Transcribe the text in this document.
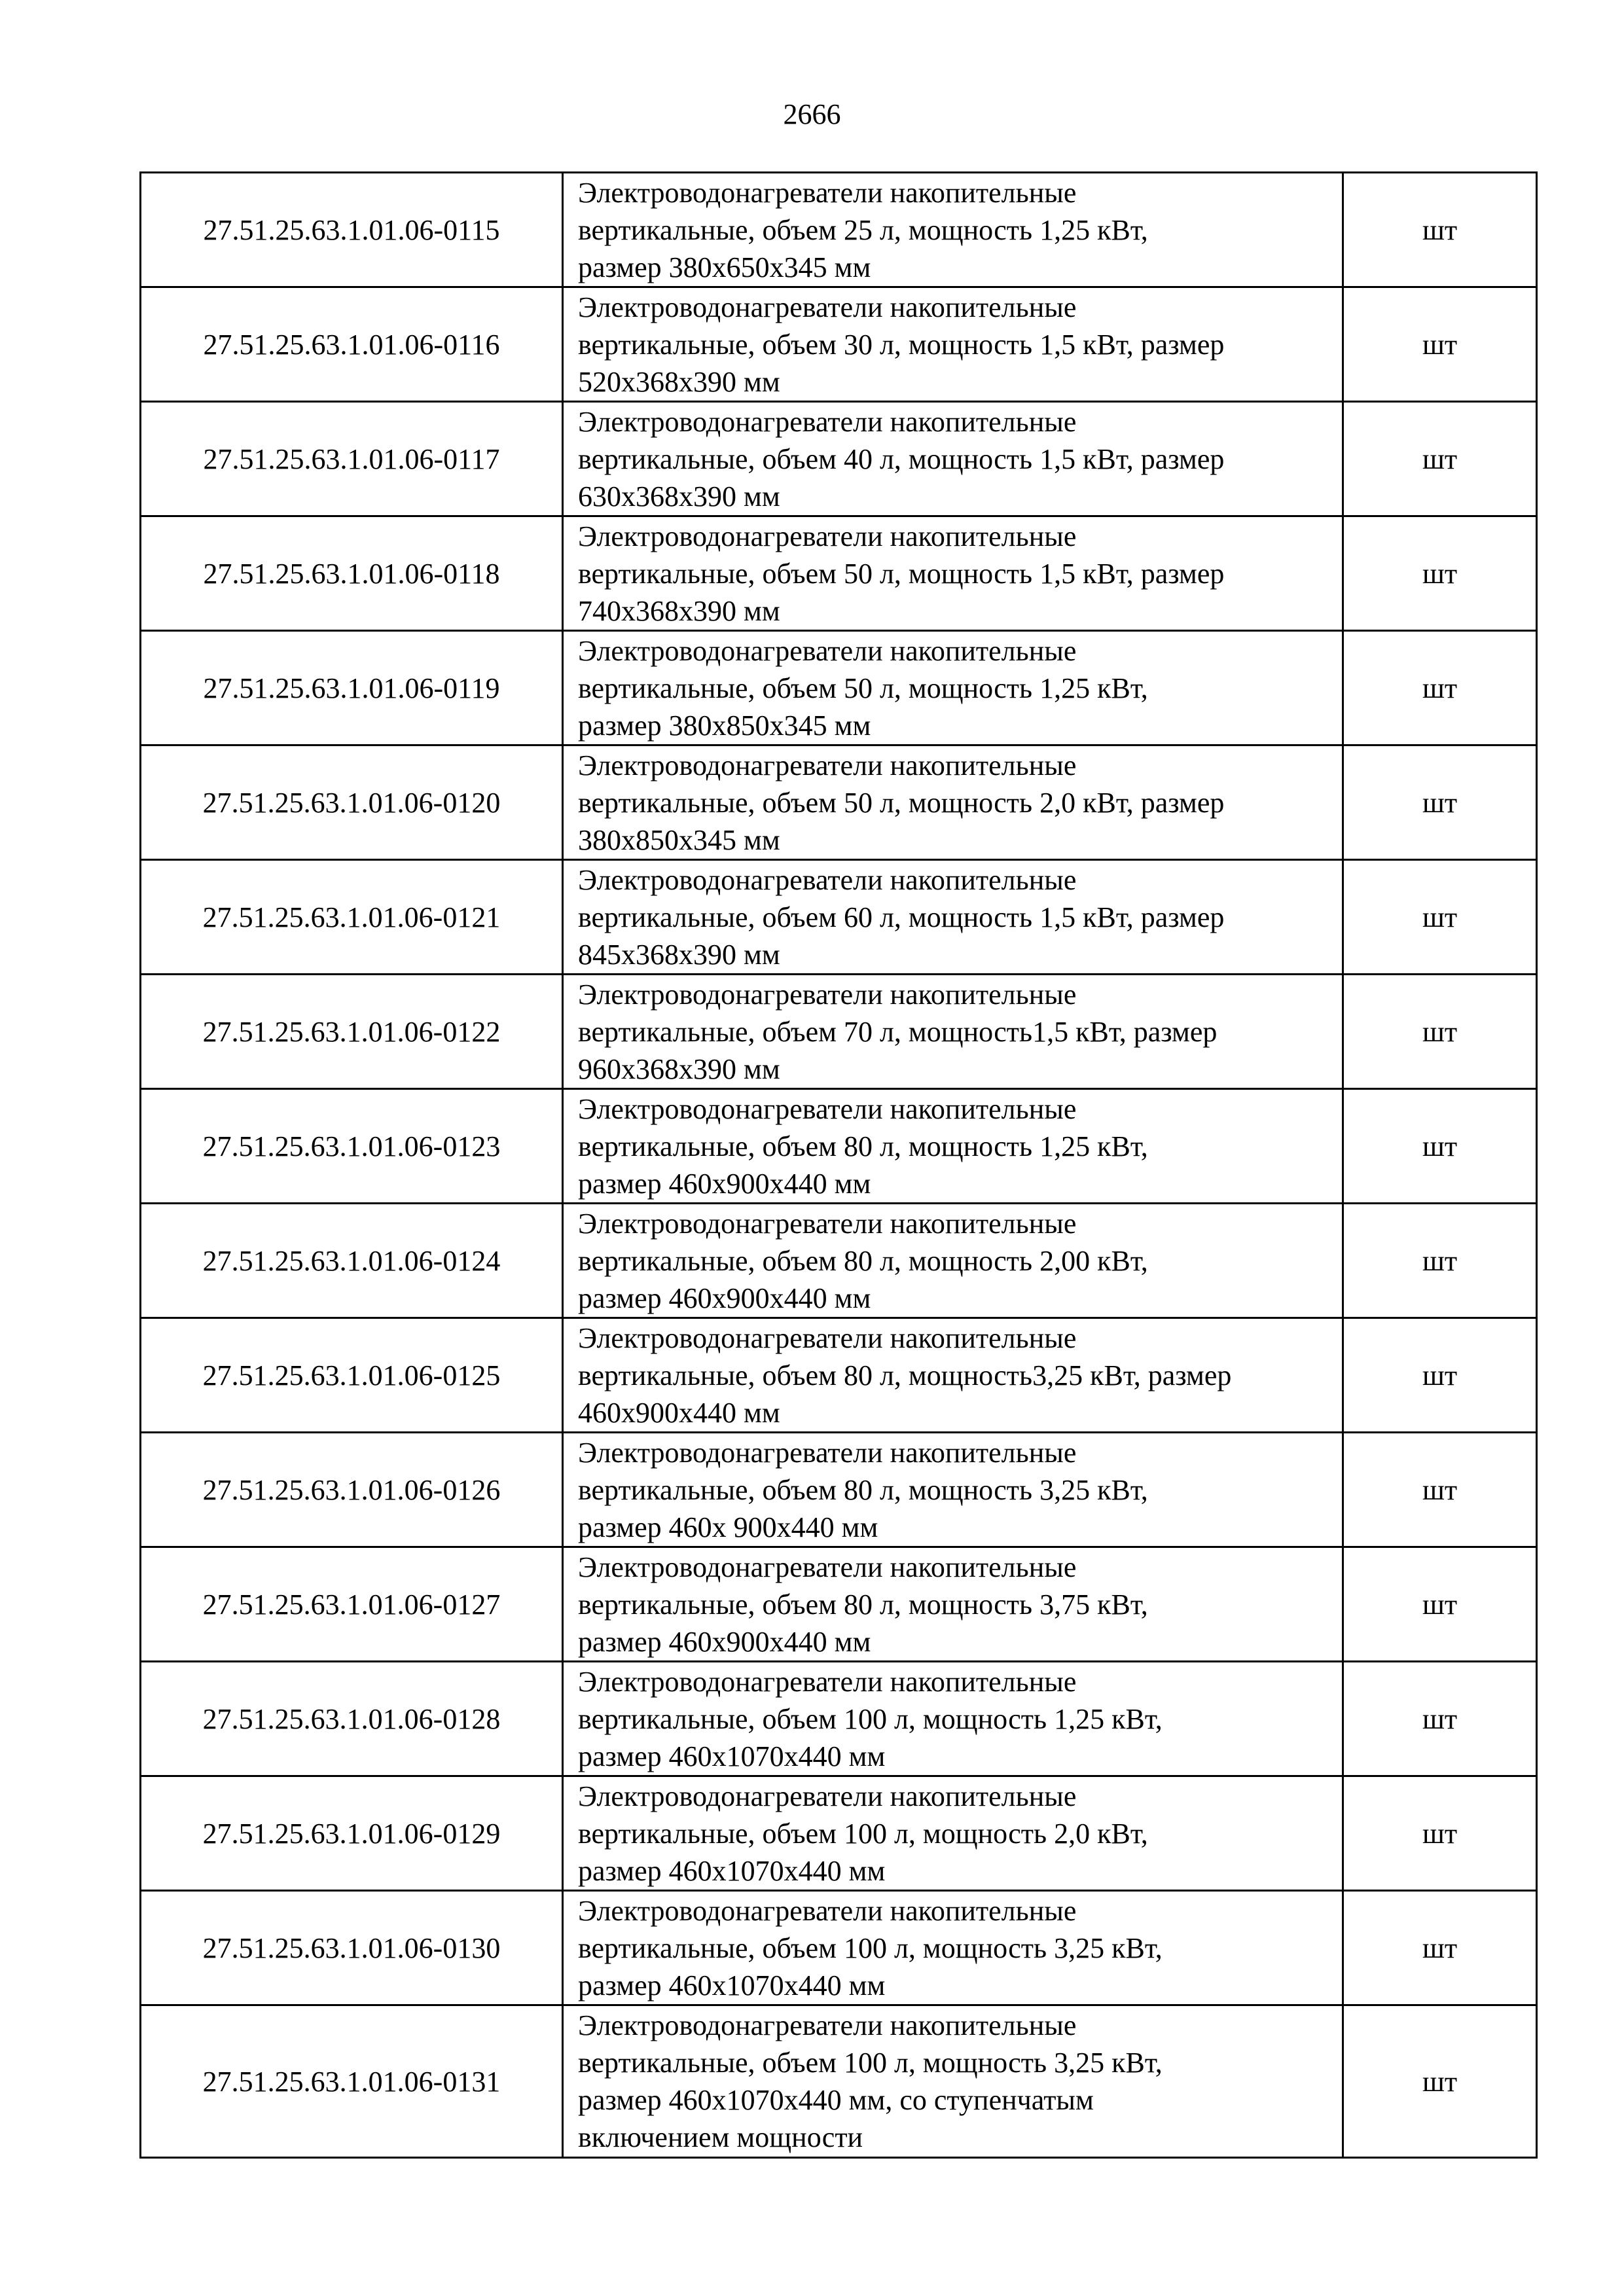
2666
27.51.25.63.1.01.06-0115	Электроводонагреватели накопительные
вертикальные, объем 25 л, мощность 1,25 кВт,
размер 380х650х345 мм	шт
27.51.25.63.1.01.06-0116	Электроводонагреватели накопительные
вертикальные, объем 30 л, мощность 1,5 кВт, размер
520х368х390 мм	шт
27.51.25.63.1.01.06-0117	Электроводонагреватели накопительные
вертикальные, объем 40 л, мощность 1,5 кВт, размер
630х368х390 мм	шт
27.51.25.63.1.01.06-0118	Электроводонагреватели накопительные
вертикальные, объем 50 л, мощность 1,5 кВт, размер
740х368х390 мм	шт
27.51.25.63.1.01.06-0119	Электроводонагреватели накопительные
вертикальные, объем 50 л, мощность 1,25 кВт,
размер 380х850х345 мм	шт
27.51.25.63.1.01.06-0120	Электроводонагреватели накопительные
вертикальные, объем 50 л, мощность 2,0 кВт, размер
380х850х345 мм	шт
27.51.25.63.1.01.06-0121	Электроводонагреватели накопительные
вертикальные, объем 60 л, мощность 1,5 кВт, размер
845х368х390 мм	шт
27.51.25.63.1.01.06-0122	Электроводонагреватели накопительные
вертикальные, объем 70 л, мощность1,5 кВт, размер
960х368х390 мм	шт
27.51.25.63.1.01.06-0123	Электроводонагреватели накопительные
вертикальные, объем 80 л, мощность 1,25 кВт,
размер 460х900х440 мм	шт
27.51.25.63.1.01.06-0124	Электроводонагреватели накопительные
вертикальные, объем 80 л, мощность 2,00 кВт,
размер 460х900х440 мм	шт
27.51.25.63.1.01.06-0125	Электроводонагреватели накопительные
вертикальные, объем 80 л, мощность3,25 кВт, размер
460х900х440 мм	шт
27.51.25.63.1.01.06-0126	Электроводонагреватели накопительные
вертикальные, объем 80 л, мощность 3,25 кВт,
размер 460х 900х440 мм	шт
27.51.25.63.1.01.06-0127	Электроводонагреватели накопительные
вертикальные, объем 80 л, мощность 3,75 кВт,
размер 460х900х440 мм	шт
27.51.25.63.1.01.06-0128	Электроводонагреватели накопительные
вертикальные, объем 100 л, мощность 1,25 кВт,
размер 460х1070х440 мм	шт
27.51.25.63.1.01.06-0129	Электроводонагреватели накопительные
вертикальные, объем 100 л, мощность 2,0 кВт,
размер 460х1070х440 мм	шт
27.51.25.63.1.01.06-0130	Электроводонагреватели накопительные
вертикальные, объем 100 л, мощность 3,25 кВт,
размер 460х1070х440 мм	шт
27.51.25.63.1.01.06-0131	Электроводонагреватели накопительные
вертикальные, объем 100 л, мощность 3,25 кВт,
размер 460х1070х440 мм, со ступенчатым
включением мощности	шт
